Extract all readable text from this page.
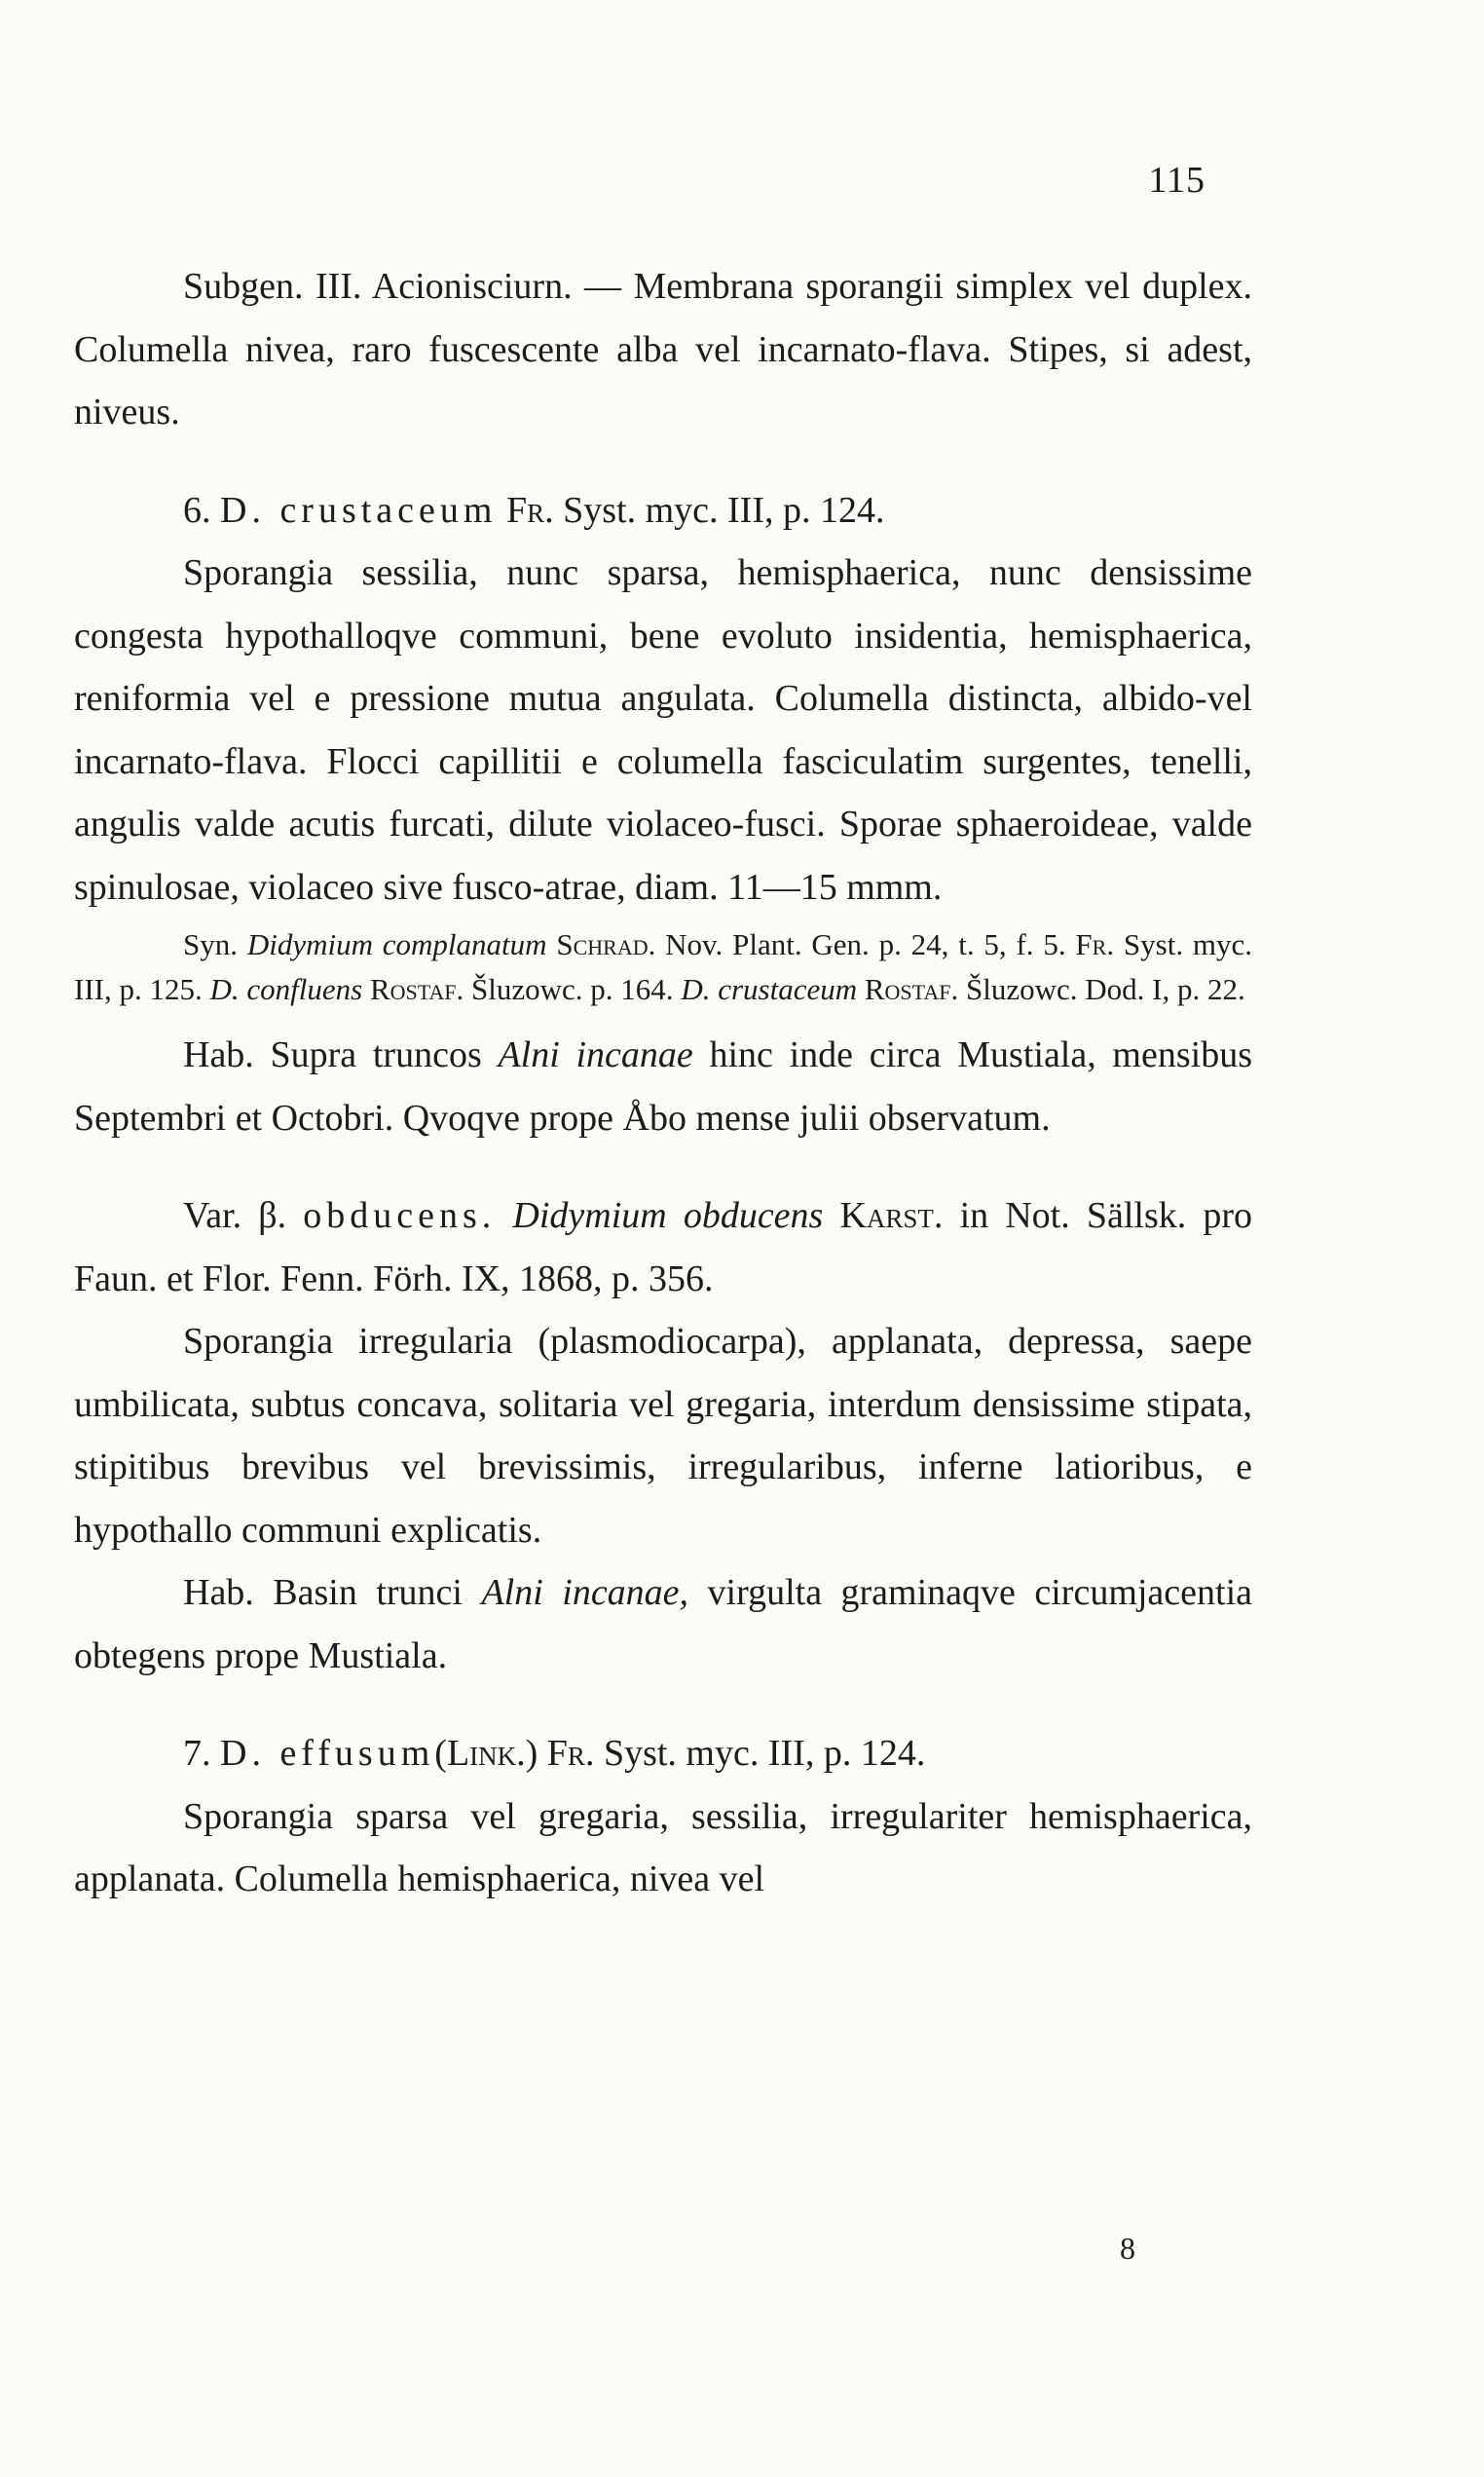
115

Subgen. III. Acionisciurn. — Membrana sporangii simplex vel duplex. Columella nivea, raro fuscescente alba vel incarnato-flava. Stipes, si adest, niveus.

6. D. crustaceum Fr. Syst. myc. III, p. 124.

Sporangia sessilia, nunc sparsa, hemisphaerica, nunc densissime congesta hypothalloqve communi, bene evoluto insidentia, hemisphaerica, reniformia vel e pressione mutua angulata. Columella distincta, albido-vel incarnato-flava. Flocci capillitii e columella fasciculatim surgentes, tenelli, angulis valde acutis furcati, dilute violaceo-fusci. Sporae sphaeroideae, valde spinulosae, violaceo sive fusco-atrae, diam. 11—15 mmm.

Syn. Didymium complanatum Schrad. Nov. Plant. Gen. p. 24, t. 5, f. 5. Fr. Syst. myc. III, p. 125. D. confluens Rostaf. Šluzowc. p. 164. D. crustaceum Rostaf. Šluzowc. Dod. I, p. 22.

Hab. Supra truncos Alni incanae hinc inde circa Mustiala, mensibus Septembri et Octobri. Qvoqve prope Åbo mense julii observatum.

Var. β. obducens. Didymium obducens Karst. in Not. Sällsk. pro Faun. et Flor. Fenn. Förh. IX, 1868, p. 356.

Sporangia irregularia (plasmodiocarpa), applanata, depressa, saepe umbilicata, subtus concava, solitaria vel gregaria, interdum densissime stipata, stipitibus brevibus vel brevissimis, irregularibus, inferne latioribus, e hypothallo communi explicatis.

Hab. Basin trunci Alni incanae, virgulta graminaqve circumjacentia obtegens prope Mustiala.

7. D. effusum(Link.) Fr. Syst. myc. III, p. 124.

Sporangia sparsa vel gregaria, sessilia, irregulariter hemisphaerica, applanata. Columella hemisphaerica, nivea vel

8
